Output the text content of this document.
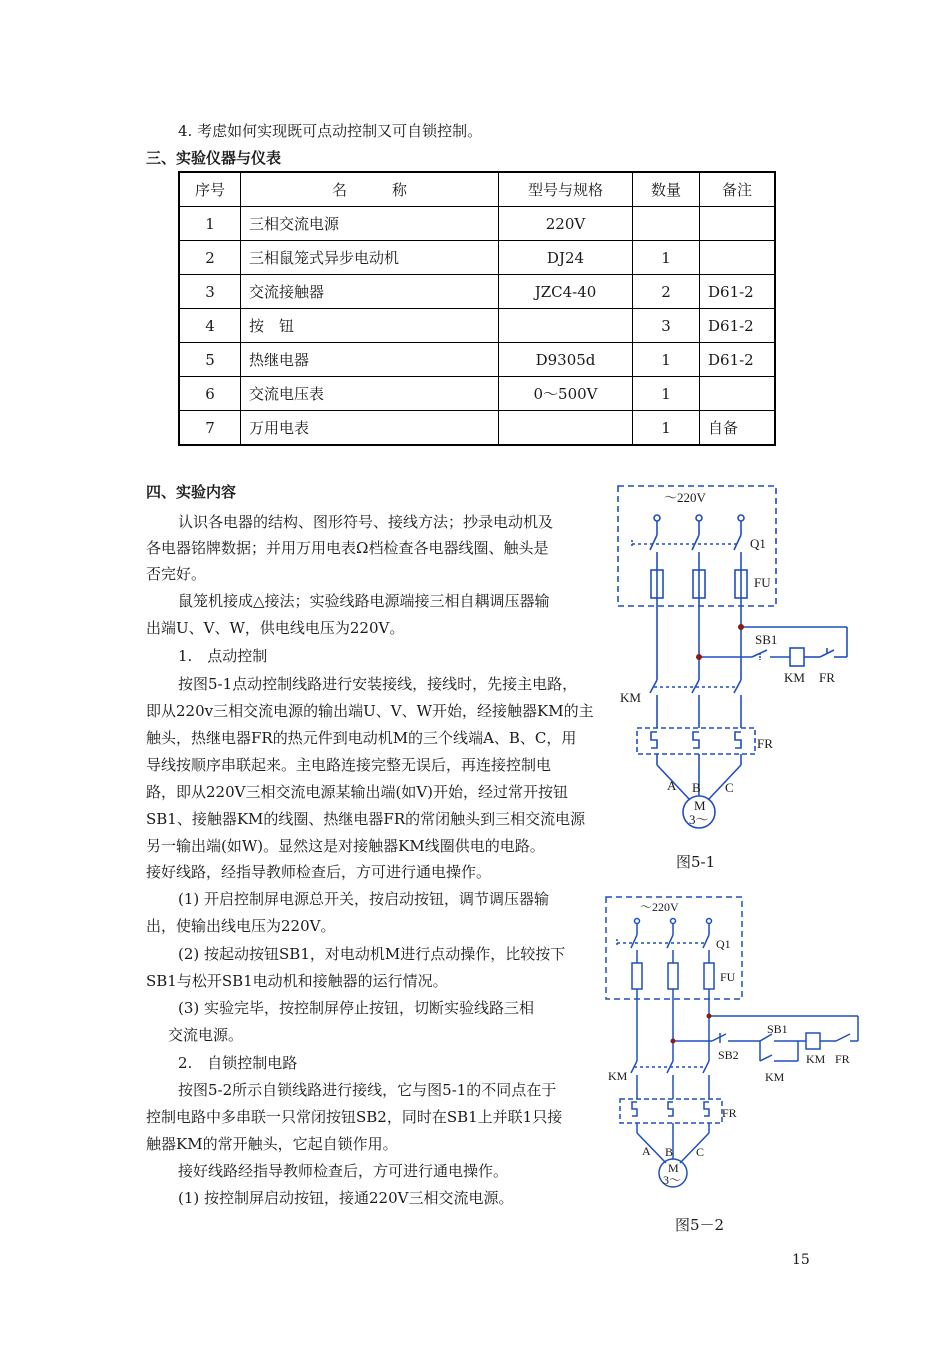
4. 考虑如何实现既可点动控制又可自锁控制。
三、实验仪器与仪表
序号	名　　　称	型号与规格	数量	备注
1	三相交流电源	220V		
2	三相鼠笼式异步电动机	DJ24	1	
3	交流接触器	JZC4-40	2	D61-2
4	按　钮		3	D61-2
5	热继电器	D9305d	1	D61-2
6	交流电压表	0～500V	1	
7	万用电表		1	自备
四、实验内容
认识各电器的结构、图形符号、接线方法；抄录电动机及
各电器铭牌数据；并用万用电表Ω档检查各电器线圈、触头是
否完好。
鼠笼机接成△接法；实验线路电源端接三相自耦调压器输
出端U、V、W，供电线电压为220V。
1.　点动控制
按图5-1点动控制线路进行安装接线，接线时，先接主电路，
即从220v三相交流电源的输出端U、V、W开始，经接触器KM的主
触头，热继电器FR的热元件到电动机M的三个线端A、B、C，用
导线按顺序串联起来。主电路连接完整无误后，再连接控制电
路，即从220V三相交流电源某输出端(如V)开始，经过常开按钮
SB1、接触器KM的线圈、热继电器FR的常闭触头到三相交流电源
另一输出端(如W)。显然这是对接触器KM线圈供电的电路。
接好线路，经指导教师检查后，方可进行通电操作。
(1) 开启控制屏电源总开关，按启动按钮，调节调压器输
出，使输出线电压为220V。
(2) 按起动按钮SB1，对电动机M进行点动操作，比较按下
SB1与松开SB1电动机和接触器的运行情况。
(3) 实验完毕，按控制屏停止按钮，切断实验线路三相
交流电源。
2.　自锁控制电路
按图5-2所示自锁线路进行接线，它与图5-1的不同点在于
控制电路中多串联一只常闭按钮SB2，同时在SB1上并联1只接
触器KM的常开触头，它起自锁作用。
接好线路经指导教师检查后，方可进行通电操作。
(1) 按控制屏启动按钮，接通220V三相交流电源。
～220V
Q1
FU
SB1
KM FR
KM
FR
A B C
M
3～
图5-1
～220V
Q1
FU
SB1
SB2	KM FR
KM
KM
FR
A B C
M
3～
图5－2
15
